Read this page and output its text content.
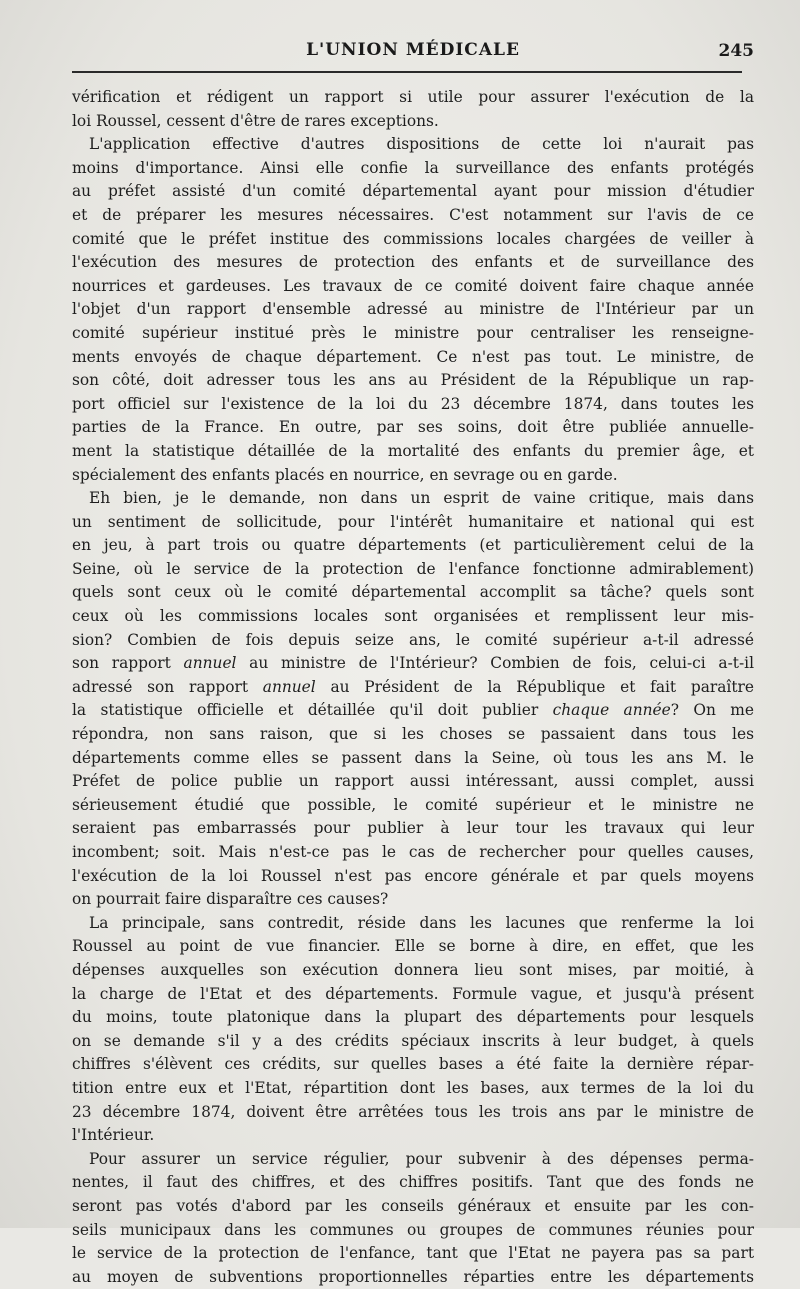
L'UNION MÉDICALE	245

vérification et rédigent un rapport si utile pour assurer l'exécution de la

loi Roussel, cessent d'être de rares exceptions.

L'application effective d'autres dispositions de cette loi n'aurait pas

moins d'importance. Ainsi elle confie la surveillance des enfants protégés

au préfet assisté d'un comité départemental ayant pour mission d'étudier

et de préparer les mesures nécessaires. C'est notamment sur l'avis de ce

comité que le préfet institue des commissions locales chargées de veiller à

l'exécution des mesures de protection des enfants et de surveillance des

nourrices et gardeuses. Les travaux de ce comité doivent faire chaque année

l'objet d'un rapport d'ensemble adressé au ministre de l'Intérieur par un

comité supérieur institué près le ministre pour centraliser les renseigne-

ments envoyés de chaque département. Ce n'est pas tout. Le ministre, de

son côté, doit adresser tous les ans au Président de la République un rap-

port officiel sur l'existence de la loi du 23 décembre 1874, dans toutes les

parties de la France. En outre, par ses soins, doit être publiée annuelle-

ment la statistique détaillée de la mortalité des enfants du premier âge, et

spécialement des enfants placés en nourrice, en sevrage ou en garde.

Eh bien, je le demande, non dans un esprit de vaine critique, mais dans

un sentiment de sollicitude, pour l'intérêt humanitaire et national qui est

en jeu, à part trois ou quatre départements (et particulièrement celui de la

Seine, où le service de la protection de l'enfance fonctionne admirablement)

quels sont ceux où le comité départemental accomplit sa tâche? quels sont

ceux où les commissions locales sont organisées et remplissent leur mis-

sion? Combien de fois depuis seize ans, le comité supérieur a-t-il adressé

son rapport annuel au ministre de l'Intérieur? Combien de fois, celui-ci a-t-il

adressé son rapport annuel au Président de la République et fait paraître

la statistique officielle et détaillée qu'il doit publier chaque année? On me

répondra, non sans raison, que si les choses se passaient dans tous les

départements comme elles se passent dans la Seine, où tous les ans M. le

Préfet de police publie un rapport aussi intéressant, aussi complet, aussi

sérieusement étudié que possible, le comité supérieur et le ministre ne

seraient pas embarrassés pour publier à leur tour les travaux qui leur

incombent; soit. Mais n'est-ce pas le cas de rechercher pour quelles causes,

l'exécution de la loi Roussel n'est pas encore générale et par quels moyens

on pourrait faire disparaître ces causes?

La principale, sans contredit, réside dans les lacunes que renferme la loi

Roussel au point de vue financier. Elle se borne à dire, en effet, que les

dépenses auxquelles son exécution donnera lieu sont mises, par moitié, à

la charge de l'Etat et des départements. Formule vague, et jusqu'à présent

du moins, toute platonique dans la plupart des départements pour lesquels

on se demande s'il y a des crédits spéciaux inscrits à leur budget, à quels

chiffres s'élèvent ces crédits, sur quelles bases a été faite la dernière répar-

tition entre eux et l'Etat, répartition dont les bases, aux termes de la loi du

23 décembre 1874, doivent être arrêtées tous les trois ans par le ministre de

l'Intérieur.

Pour assurer un service régulier, pour subvenir à des dépenses perma-

nentes, il faut des chiffres, et des chiffres positifs. Tant que des fonds ne

seront pas votés d'abord par les conseils généraux et ensuite par les con-

seils municipaux dans les communes ou groupes de communes réunies pour

le service de la protection de l'enfance, tant que l'Etat ne payera pas sa part

au moyen de subventions proportionnelles réparties entre les départements
